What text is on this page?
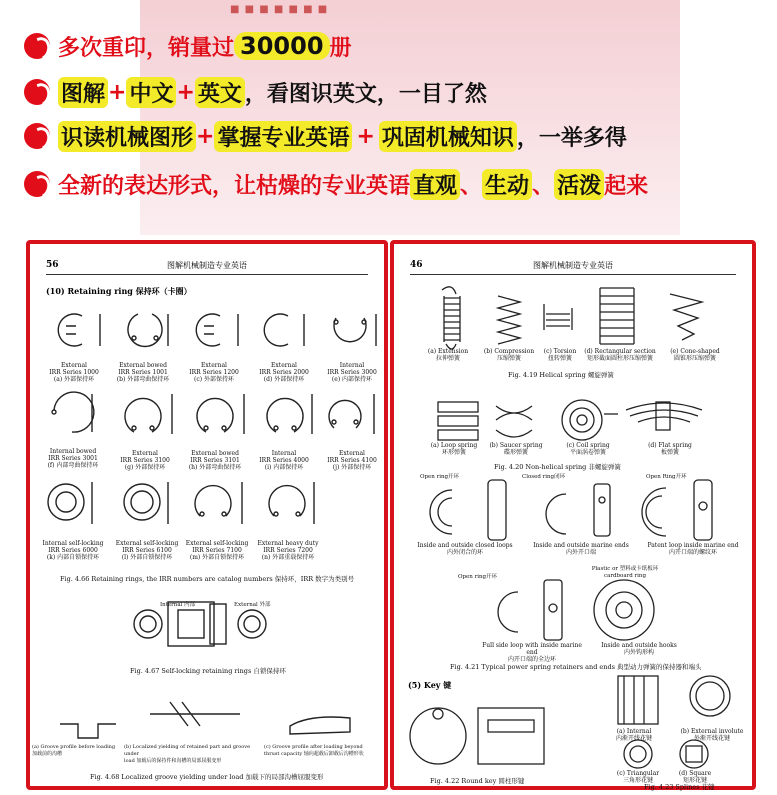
■ ■ ■ ■ ■ ■ ■
多次重印，销量过 30000 册
图解 + 中文 + 英文 ，看图识英文，一目了然
识读机械图形 + 掌握专业英语 + 巩固机械知识 ，一举多得
全新的表达形式，让枯燥的专业英语 直观 、 生动 、 活泼 起来
56	图解机械制造专业英语
(10) Retaining ring 保持环（卡圈）
External
IRR Series 1000
(a) 外部保持环
External bowed
IRR Series 1001
(b) 外部弯曲保持环
External
IRR Series 1200
(c) 外部保持环
External
IRR Series 2000
(d) 外部保持环
Internal
IRR Series 3000
(e) 内部保持环
Internal bowed
IRR Series 3001
(f) 内部弯曲保持环
External
IRR Series 3100
(g) 外部保持环
External bowed
IRR Series 3101
(h) 外部弯曲保持环
Internal
IRR Series 4000
(i) 内部保持环
External
IRR Series 4100
(j) 外部保持环
Internal self-locking
IRR Series 6000
(k) 内部自锁保持环
External self-locking
IRR Series 6100
(l) 外部自锁保持环
External self-locking
IRR Series 7100
(m) 外部自锁保持环
External heavy duty
IRR Series 7200
(n) 外部重载保持环
Fig. 4.66 Retaining rings, the IRR numbers are catalog numbers 保持环，IRR 数字为类别号
Internal 内部	External 外部
Fig. 4.67 Self-locking retaining rings 自锁保持环
(a) Groove profile before loading
加载前的沟槽
(b) Localized yielding of retained part and groove under
load 加载后的保持件和沟槽的局部屈服变形
(c) Groove profile after loading beyond
thrust capacity 轴向超载后卸载后沟槽形状
Fig. 4.68 Localized groove yielding under load 加载下的局部沟槽屈服变形
46	图解机械制造专业英语
(a) Extension
拉伸弹簧
(b) Compression
压缩弹簧
(c) Torsion
扭转弹簧
(d) Rectangular section
矩形截面圆柱形压缩弹簧
(e) Cone-shaped
圆锥形压缩弹簧
Fig. 4.19 Helical spring 螺旋弹簧
(a) Loop spring
环形弹簧
(b) Saucer spring
碟形弹簧
(c) Coil spring
平面涡卷弹簧
(d) Flat spring
板弹簧
Fig. 4.20 Non-helical spring 非螺旋弹簧
Open ring开环	Closed ring闭环	Open Ring开环
Inside and outside closed loops
内外闭合的环
Inside and outside marine ends
内外开口端
Patent loop inside marine end
内开口端的螺纹环
Open ring开环
Plastic or 塑料或卡纸板环
cardboard ring
Full side loop with inside marine end
内开口端的全边环
Inside and outside hooks
内外钩形构
Fig. 4.21 Typical power spring retainers and ends 典型动力弹簧的保持器和端头
(5) Key 键
(a) Internal
内渐开线花键
(b) External involute
外渐开线花键
(c) Triangular
三角形花键
(d) Square
矩形花键
Fig. 4.22 Round key 圆柱形键
Fig. 4.23 Splines 花键
